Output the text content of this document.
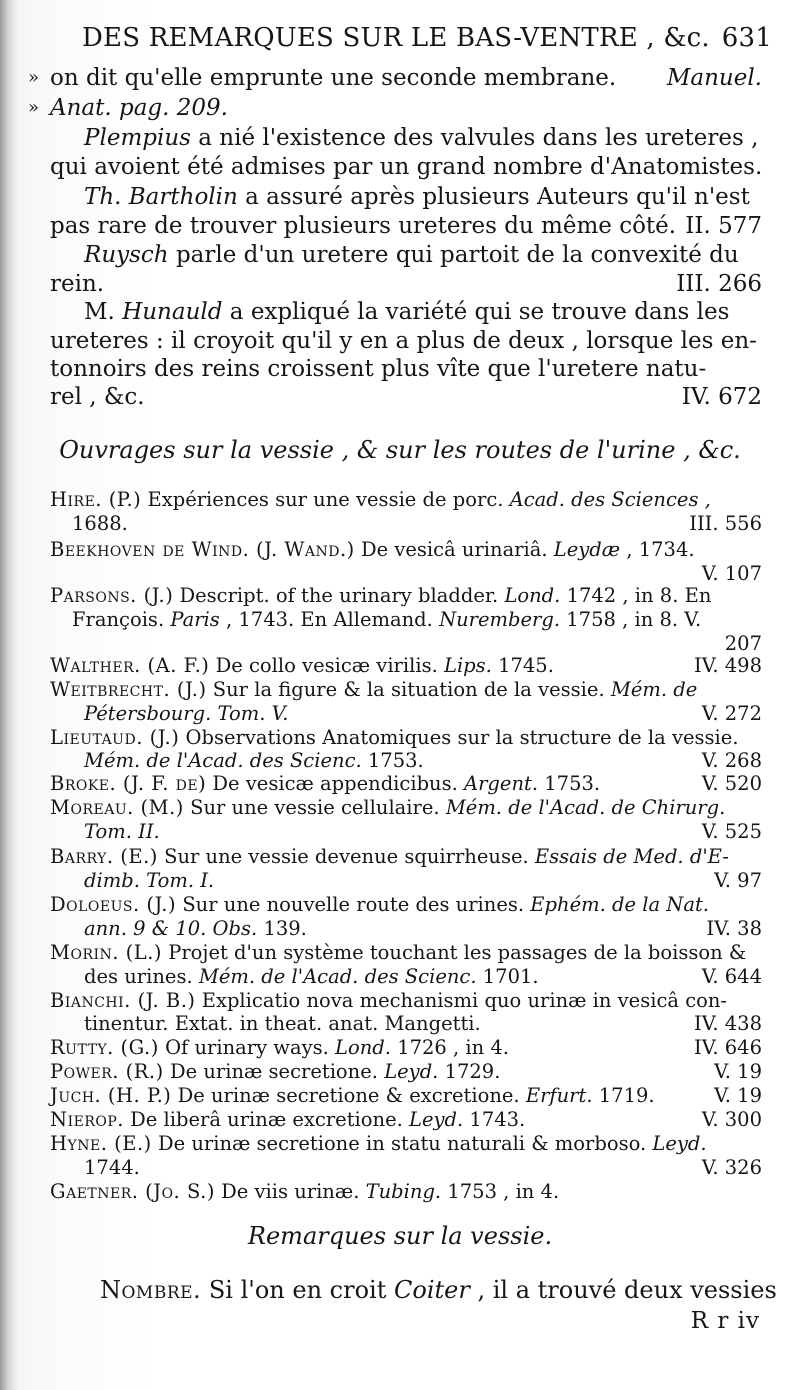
DES REMARQUES SUR LE BAS-VENTRE , &c. 631
» on dit qu'elle emprunte une seconde membrane. Manuel.
» Anat. pag. 209.
Plempius a nié l'existence des valvules dans les ureteres ,
qui avoient été admises par un grand nombre d'Anatomistes.
Th. Bartholin a assuré après plusieurs Auteurs qu'il n'est
pas rare de trouver plusieurs ureteres du même côté. II. 577
Ruysch parle d'un uretere qui partoit de la convexité du
rein.	III. 266
M. Hunauld a expliqué la variété qui se trouve dans les
ureteres : il croyoit qu'il y en a plus de deux , lorsque les en-
tonnoirs des reins croissent plus vîte que l'uretere natu-
rel , &c.	IV. 672
Ouvrages sur la vessie , & sur les routes de l'urine , &c.
Hire. (P.) Expériences sur une vessie de porc. Acad. des Sciences ,
1688.	III. 556
Beekhoven de Wind. (J. Wand.) De vesicâ urinariâ. Leydæ , 1734.
V. 107
Parsons. (J.) Descript. of the urinary bladder. Lond. 1742 , in 8. En
François. Paris , 1743. En Allemand. Nuremberg. 1758 , in 8. V.
207
Walther. (A. F.) De collo vesicæ virilis. Lips. 1745.	IV. 498
Weitbrecht. (J.) Sur la figure & la situation de la vessie. Mém. de
Pétersbourg. Tom. V.	V. 272
Lieutaud. (J.) Observations Anatomiques sur la structure de la vessie.
Mém. de l'Acad. des Scienc. 1753.	V. 268
Broke. (J. F. de) De vesicæ appendicibus. Argent. 1753.	V. 520
Moreau. (M.) Sur une vessie cellulaire. Mém. de l'Acad. de Chirurg.
Tom. II.	V. 525
Barry. (E.) Sur une vessie devenue squirrheuse. Essais de Med. d'E-
dimb. Tom. I.	V. 97
Doloeus. (J.) Sur une nouvelle route des urines. Ephém. de la Nat.
ann. 9 & 10. Obs. 139.	IV. 38
Morin. (L.) Projet d'un système touchant les passages de la boisson &
des urines. Mém. de l'Acad. des Scienc. 1701.	V. 644
Bianchi. (J. B.) Explicatio nova mechanismi quo urinæ in vesicâ con-
tinentur. Extat. in theat. anat. Mangetti.	IV. 438
Rutty. (G.) Of urinary ways. Lond. 1726 , in 4.	IV. 646
Power. (R.) De urinæ secretione. Leyd. 1729.	V. 19
Juch. (H. P.) De urinæ secretione & excretione. Erfurt. 1719.	V. 19
Nierop. De liberâ urinæ excretione. Leyd. 1743.	V. 300
Hyne. (E.) De urinæ secretione in statu naturali & morboso. Leyd.
1744.	V. 326
Gaetner. (Jo. S.) De viis urinæ. Tubing. 1753 , in 4.
Remarques sur la vessie.
Nombre. Si l'on en croit Coiter , il a trouvé deux vessies
R r iv
